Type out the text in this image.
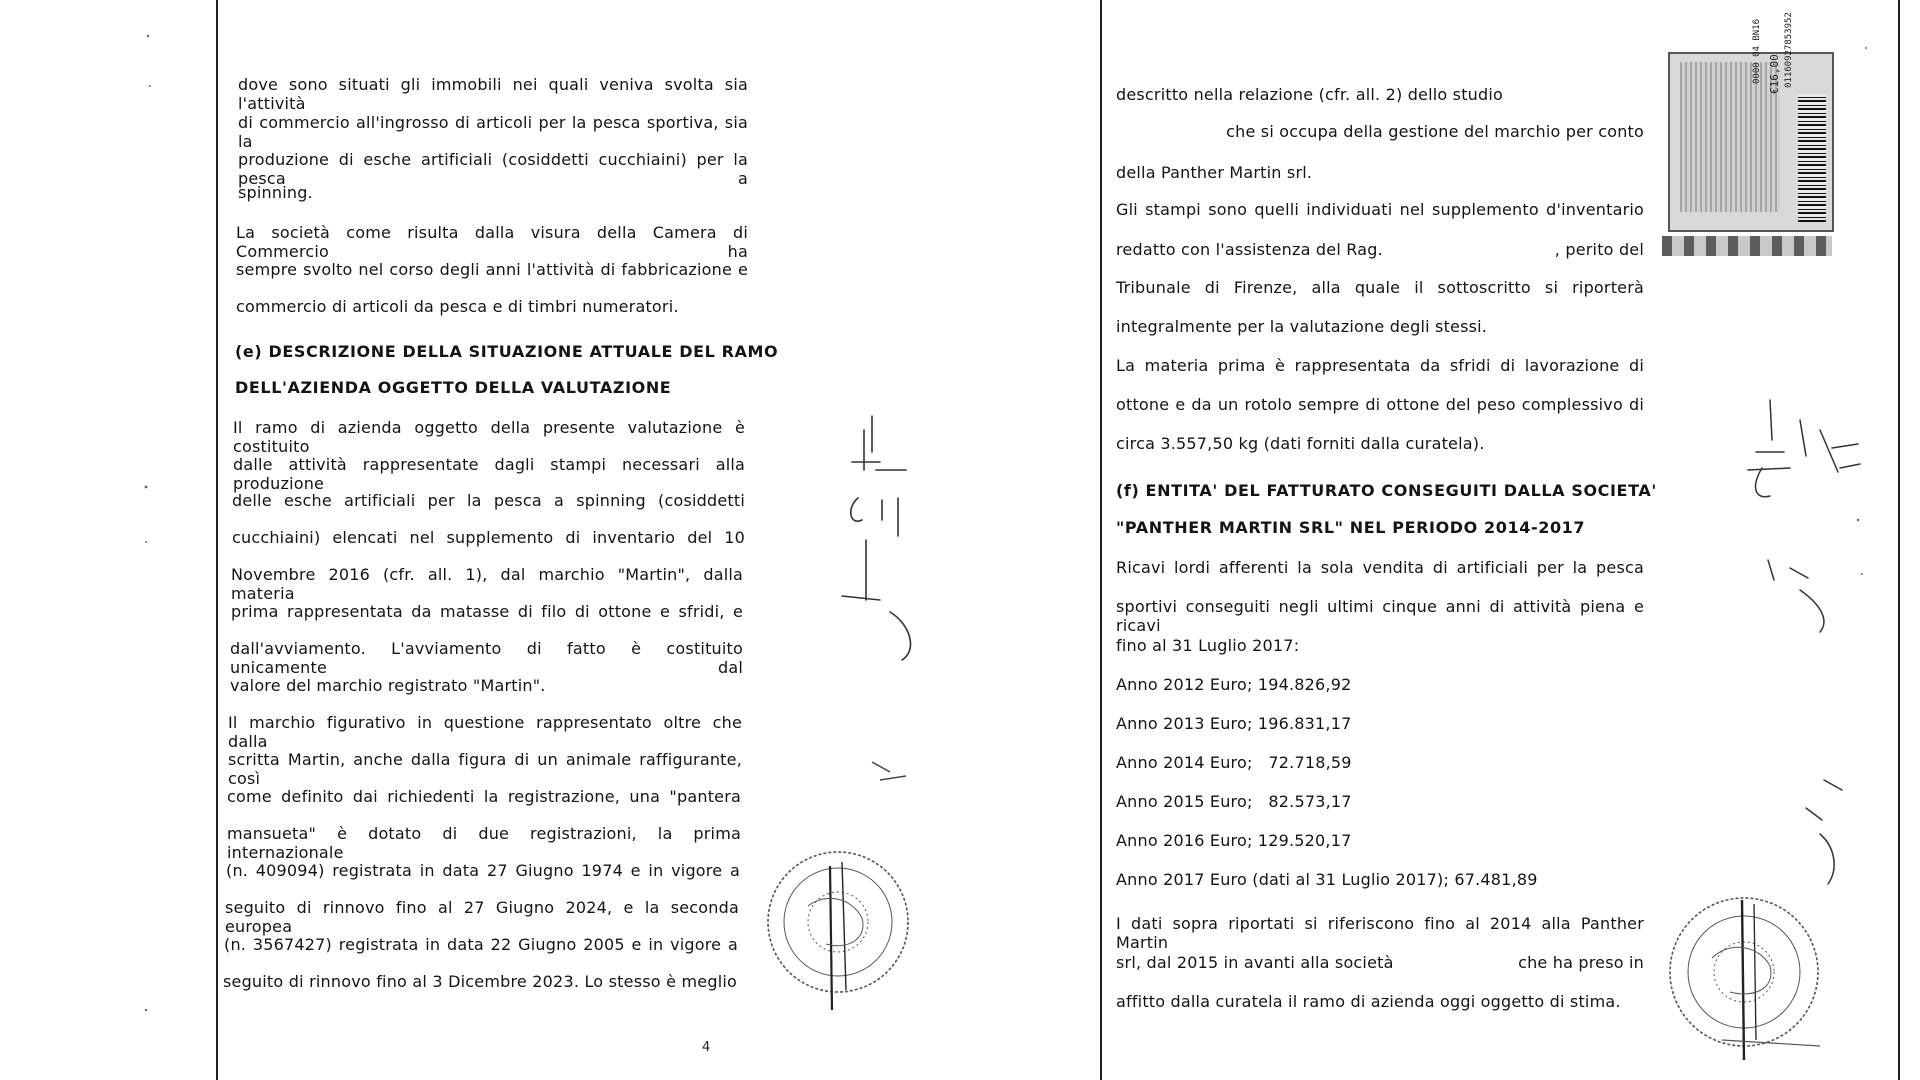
dove sono situati gli immobili nei quali veniva svolta sia l'attività
di commercio all'ingrosso di articoli per la pesca sportiva, sia la
produzione di esche artificiali (cosiddetti cucchiaini) per la pesca a
spinning.
La società come risulta dalla visura della Camera di Commercio ha
sempre svolto nel corso degli anni l'attività di fabbricazione e
commercio di articoli da pesca e di timbri numeratori.
(e) DESCRIZIONE DELLA SITUAZIONE ATTUALE DEL RAMO
DELL'AZIENDA OGGETTO DELLA VALUTAZIONE
Il ramo di azienda oggetto della presente valutazione è costituito
dalle attività rappresentate dagli stampi necessari alla produzione
delle esche artificiali per la pesca a spinning (cosiddetti
cucchiaini) elencati nel supplemento di inventario del 10
Novembre 2016 (cfr. all. 1), dal marchio "Martin", dalla materia
prima rappresentata da matasse di filo di ottone e sfridi, e
dall'avviamento. L'avviamento di fatto è costituito unicamente dal
valore del marchio registrato "Martin".
Il marchio figurativo in questione rappresentato oltre che dalla
scritta Martin, anche dalla figura di un animale raffigurante, così
come definito dai richiedenti la registrazione, una "pantera
mansueta" è dotato di due registrazioni, la prima internazionale
(n. 409094) registrata in data 27 Giugno 1974 e in vigore a
seguito di rinnovo fino al 27 Giugno 2024, e la seconda europea
(n. 3567427) registrata in data 22 Giugno 2005 e in vigore a
seguito di rinnovo fino al 3 Dicembre 2023. Lo stesso è meglio
4
descritto nella relazione (cfr. all. 2) dello studio
che si occupa della gestione del marchio per conto
della Panther Martin srl.
Gli stampi sono quelli individuati nel supplemento d'inventario
redatto con l'assistenza del Rag.	, perito del
Tribunale di Firenze, alla quale il sottoscritto si riporterà
integralmente per la valutazione degli stessi.
La materia prima è rappresentata da sfridi di lavorazione di
ottone e da un rotolo sempre di ottone del peso complessivo di
circa 3.557,50 kg (dati forniti dalla curatela).
(f) ENTITA' DEL FATTURATO CONSEGUITI DALLA SOCIETA'
"PANTHER MARTIN SRL" NEL PERIODO 2014-2017
Ricavi lordi afferenti la sola vendita di artificiali per la pesca
sportivi conseguiti negli ultimi cinque anni di attività piena e ricavi
fino al 31 Luglio 2017:
Anno 2012 Euro; 194.826,92
Anno 2013 Euro; 196.831,17
Anno 2014 Euro;   72.718,59
Anno 2015 Euro;   82.573,17
Anno 2016 Euro; 129.520,17
Anno 2017 Euro (dati al 31 Luglio 2017); 67.481,89
I dati sopra riportati si riferiscono fino al 2014 alla Panther Martin
srl, dal 2015 in avanti alla società	che ha preso in
affitto dalla curatela il ramo di azienda oggi oggetto di stima.
€16,00
0000 04 BN16 01160927853952
